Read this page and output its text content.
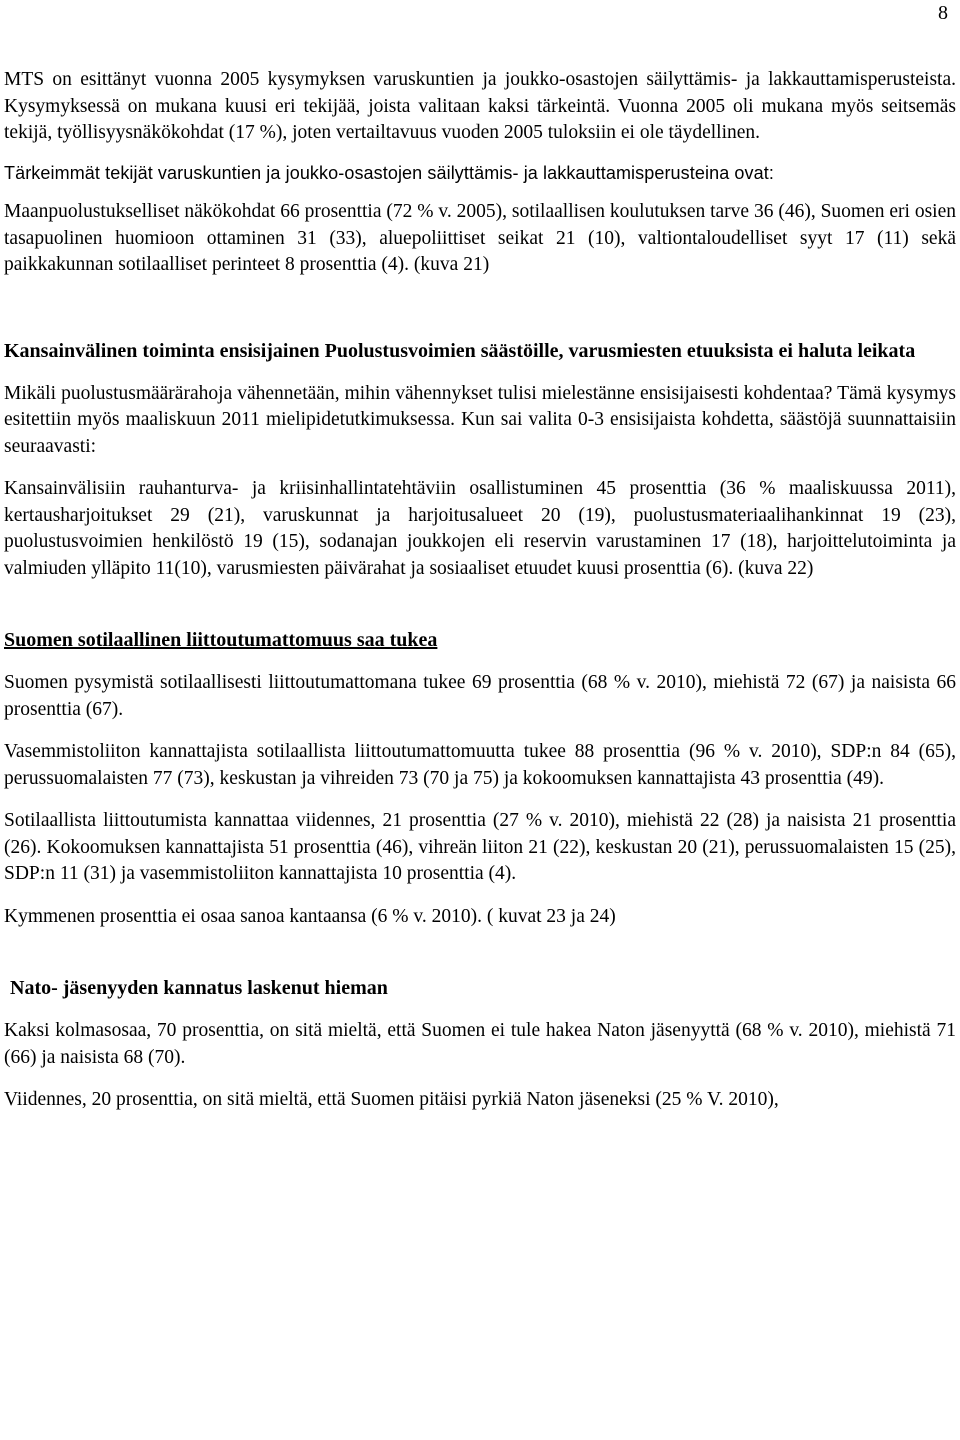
8

MTS on esittänyt vuonna 2005 kysymyksen varuskuntien ja joukko-osastojen säilyttämis- ja lakkauttamisperusteista. Kysymyksessä on mukana kuusi eri tekijää, joista valitaan kaksi tärkeintä. Vuonna 2005 oli mukana myös seitsemäs tekijä, työllisyysnäkökohdat (17 %), joten vertailtavuus vuoden 2005 tuloksiin ei ole täydellinen.

Tärkeimmät tekijät varuskuntien ja joukko-osastojen säilyttämis- ja lakkauttamisperusteina ovat:

Maanpuolustukselliset näkökohdat 66 prosenttia (72 % v. 2005), sotilaallisen koulutuksen tarve 36 (46), Suomen eri osien tasapuolinen huomioon ottaminen 31 (33), aluepoliittiset seikat 21 (10), valtiontaloudelliset syyt 17 (11) sekä paikkakunnan sotilaalliset perinteet 8 prosenttia (4). (kuva 21)

Kansainvälinen toiminta ensisijainen Puolustusvoimien säästöille, varusmiesten etuuksista ei haluta leikata

Mikäli puolustusmäärärahoja vähennetään, mihin vähennykset tulisi mielestänne ensisijaisesti kohdentaa? Tämä kysymys esitettiin myös maaliskuun 2011 mielipidetutkimuksessa. Kun sai valita 0-3 ensisijaista kohdetta, säästöjä suunnattaisiin seuraavasti:

Kansainvälisiin rauhanturva- ja kriisinhallintatehtäviin osallistuminen 45 prosenttia (36 % maaliskuussa 2011), kertausharjoitukset 29 (21), varuskunnat ja harjoitusalueet 20 (19), puolustusmateriaalihankinnat 19 (23), puolustusvoimien henkilöstö 19 (15), sodanajan joukkojen eli reservin varustaminen 17 (18), harjoittelutoiminta ja valmiuden ylläpito 11(10), varusmiesten päivärahat ja sosiaaliset etuudet kuusi prosenttia (6). (kuva 22)

Suomen sotilaallinen liittoutumattomuus saa tukea

Suomen pysymistä sotilaallisesti liittoutumattomana tukee 69 prosenttia (68 % v. 2010), miehistä 72 (67) ja naisista 66 prosenttia (67).

Vasemmistoliiton kannattajista sotilaallista liittoutumattomuutta tukee 88 prosenttia (96 % v. 2010), SDP:n 84 (65), perussuomalaisten 77 (73), keskustan ja vihreiden 73 (70 ja 75) ja kokoomuksen kannattajista 43 prosenttia (49).

Sotilaallista liittoutumista kannattaa viidennes, 21 prosenttia (27 % v. 2010), miehistä 22 (28) ja naisista 21 prosenttia (26). Kokoomuksen kannattajista 51 prosenttia (46), vihreän liiton 21 (22), keskustan 20 (21), perussuomalaisten 15 (25), SDP:n 11 (31) ja vasemmistoliiton kannattajista 10 prosenttia (4).

Kymmenen prosenttia ei osaa sanoa kantaansa (6 % v. 2010). ( kuvat 23 ja 24)

Nato- jäsenyyden kannatus laskenut hieman

Kaksi kolmasosaa, 70 prosenttia, on sitä mieltä, että Suomen ei tule hakea Naton jäsenyyttä (68 % v. 2010), miehistä 71 (66) ja naisista 68 (70).

Viidennes, 20 prosenttia, on sitä mieltä, että Suomen pitäisi pyrkiä Naton jäseneksi (25 % V. 2010),
